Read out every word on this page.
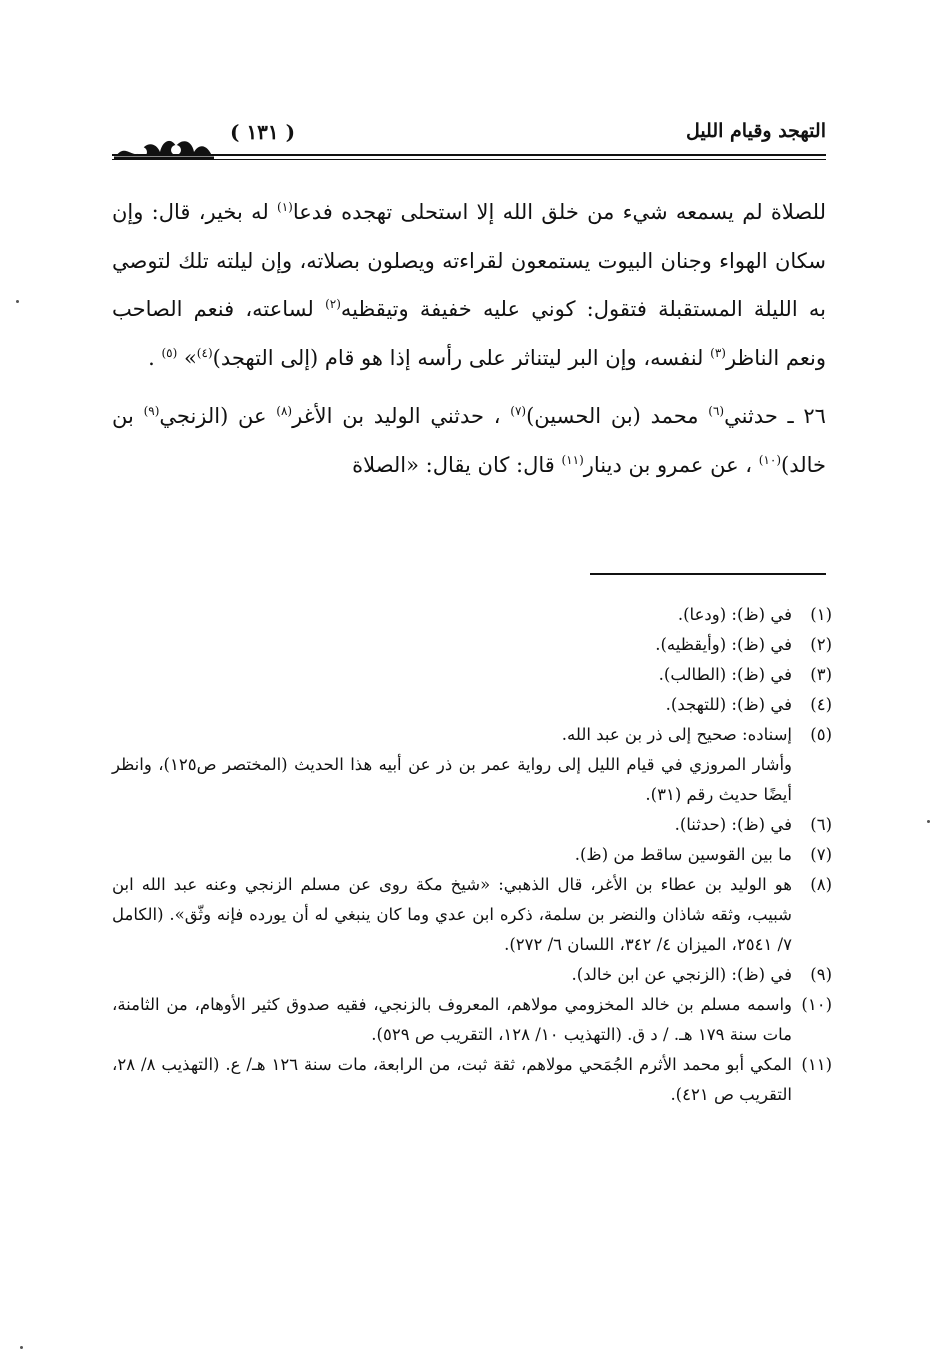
( ١٣١ )	التهجد وقيام الليل

للصلاة لم يسمعه شيء من خلق الله إلا استحلى تهجده فدعا$^{(١)}$ له بخير، قال: وإن سكان الهواء وجنان البيوت يستمعون لقراءته ويصلون بصلاته، وإن ليلته تلك لتوصي به الليلة المستقبلة فتقول: كوني عليه خفيفة وتيقظيه$^{(٢)}$ لساعته، فنعم الصاحب ونعم الناظر$^{(٣)}$ لنفسه، وإن البر ليتناثر على رأسه إذا هو قام (إلى التهجد)$^{(٤)}$» $^{(٥)}$ .

٢٦ ـ حدثني$^{(٦)}$ محمد (بن الحسين)$^{(٧)}$ ، حدثني الوليد بن الأغر$^{(٨)}$ عن (الزنجي$^{(٩)}$ بن خالد)$^{(١٠)}$ ، عن عمرو بن دينار$^{(١١)}$ قال: كان يقال: «الصلاة

(١)
في (ظ): (ودعا).
(٢)
في (ظ): (وأيقظيه).
(٣)
في (ظ): (الطالب).
(٤)
في (ظ): (للتهجد).
(٥)
إسناده: صحيح إلى ذر بن عبد الله.
وأشار المروزي في قيام الليل إلى رواية عمر بن ذر عن أبيه هذا الحديث (المختصر ص١٢٥)، وانظر أيضًا حديث رقم (٣١).
(٦)
في (ظ): (حدثنا).
(٧)
ما بين القوسين ساقط من (ظ).
(٨)
هو الوليد بن عطاء بن الأغر، قال الذهبي: «شيخ مكة روى عن مسلم الزنجي وعنه عبد الله ابن شبيب، وثقه شاذان والنضر بن سلمة، ذكره ابن عدي وما كان ينبغي له أن يورده فإنه وثّق». (الكامل ٧/ ٢٥٤١، الميزان ٤/ ٣٤٢، اللسان ٦/ ٢٧٢).
(٩)
في (ظ): (الزنجي عن ابن خالد).
(١٠)
واسمه مسلم بن خالد المخزومي مولاهم، المعروف بالزنجي، فقيه صدوق كثير الأوهام، من الثامنة، مات سنة ١٧٩ هـ. / د ق. (التهذيب ١٠/ ١٢٨، التقريب ص ٥٢٩).
(١١)
المكي أبو محمد الأثرم الجُمَحي مولاهم، ثقة ثبت، من الرابعة، مات سنة ١٢٦ هـ/ ع. (التهذيب ٨/ ٢٨، التقريب ص ٤٢١).
